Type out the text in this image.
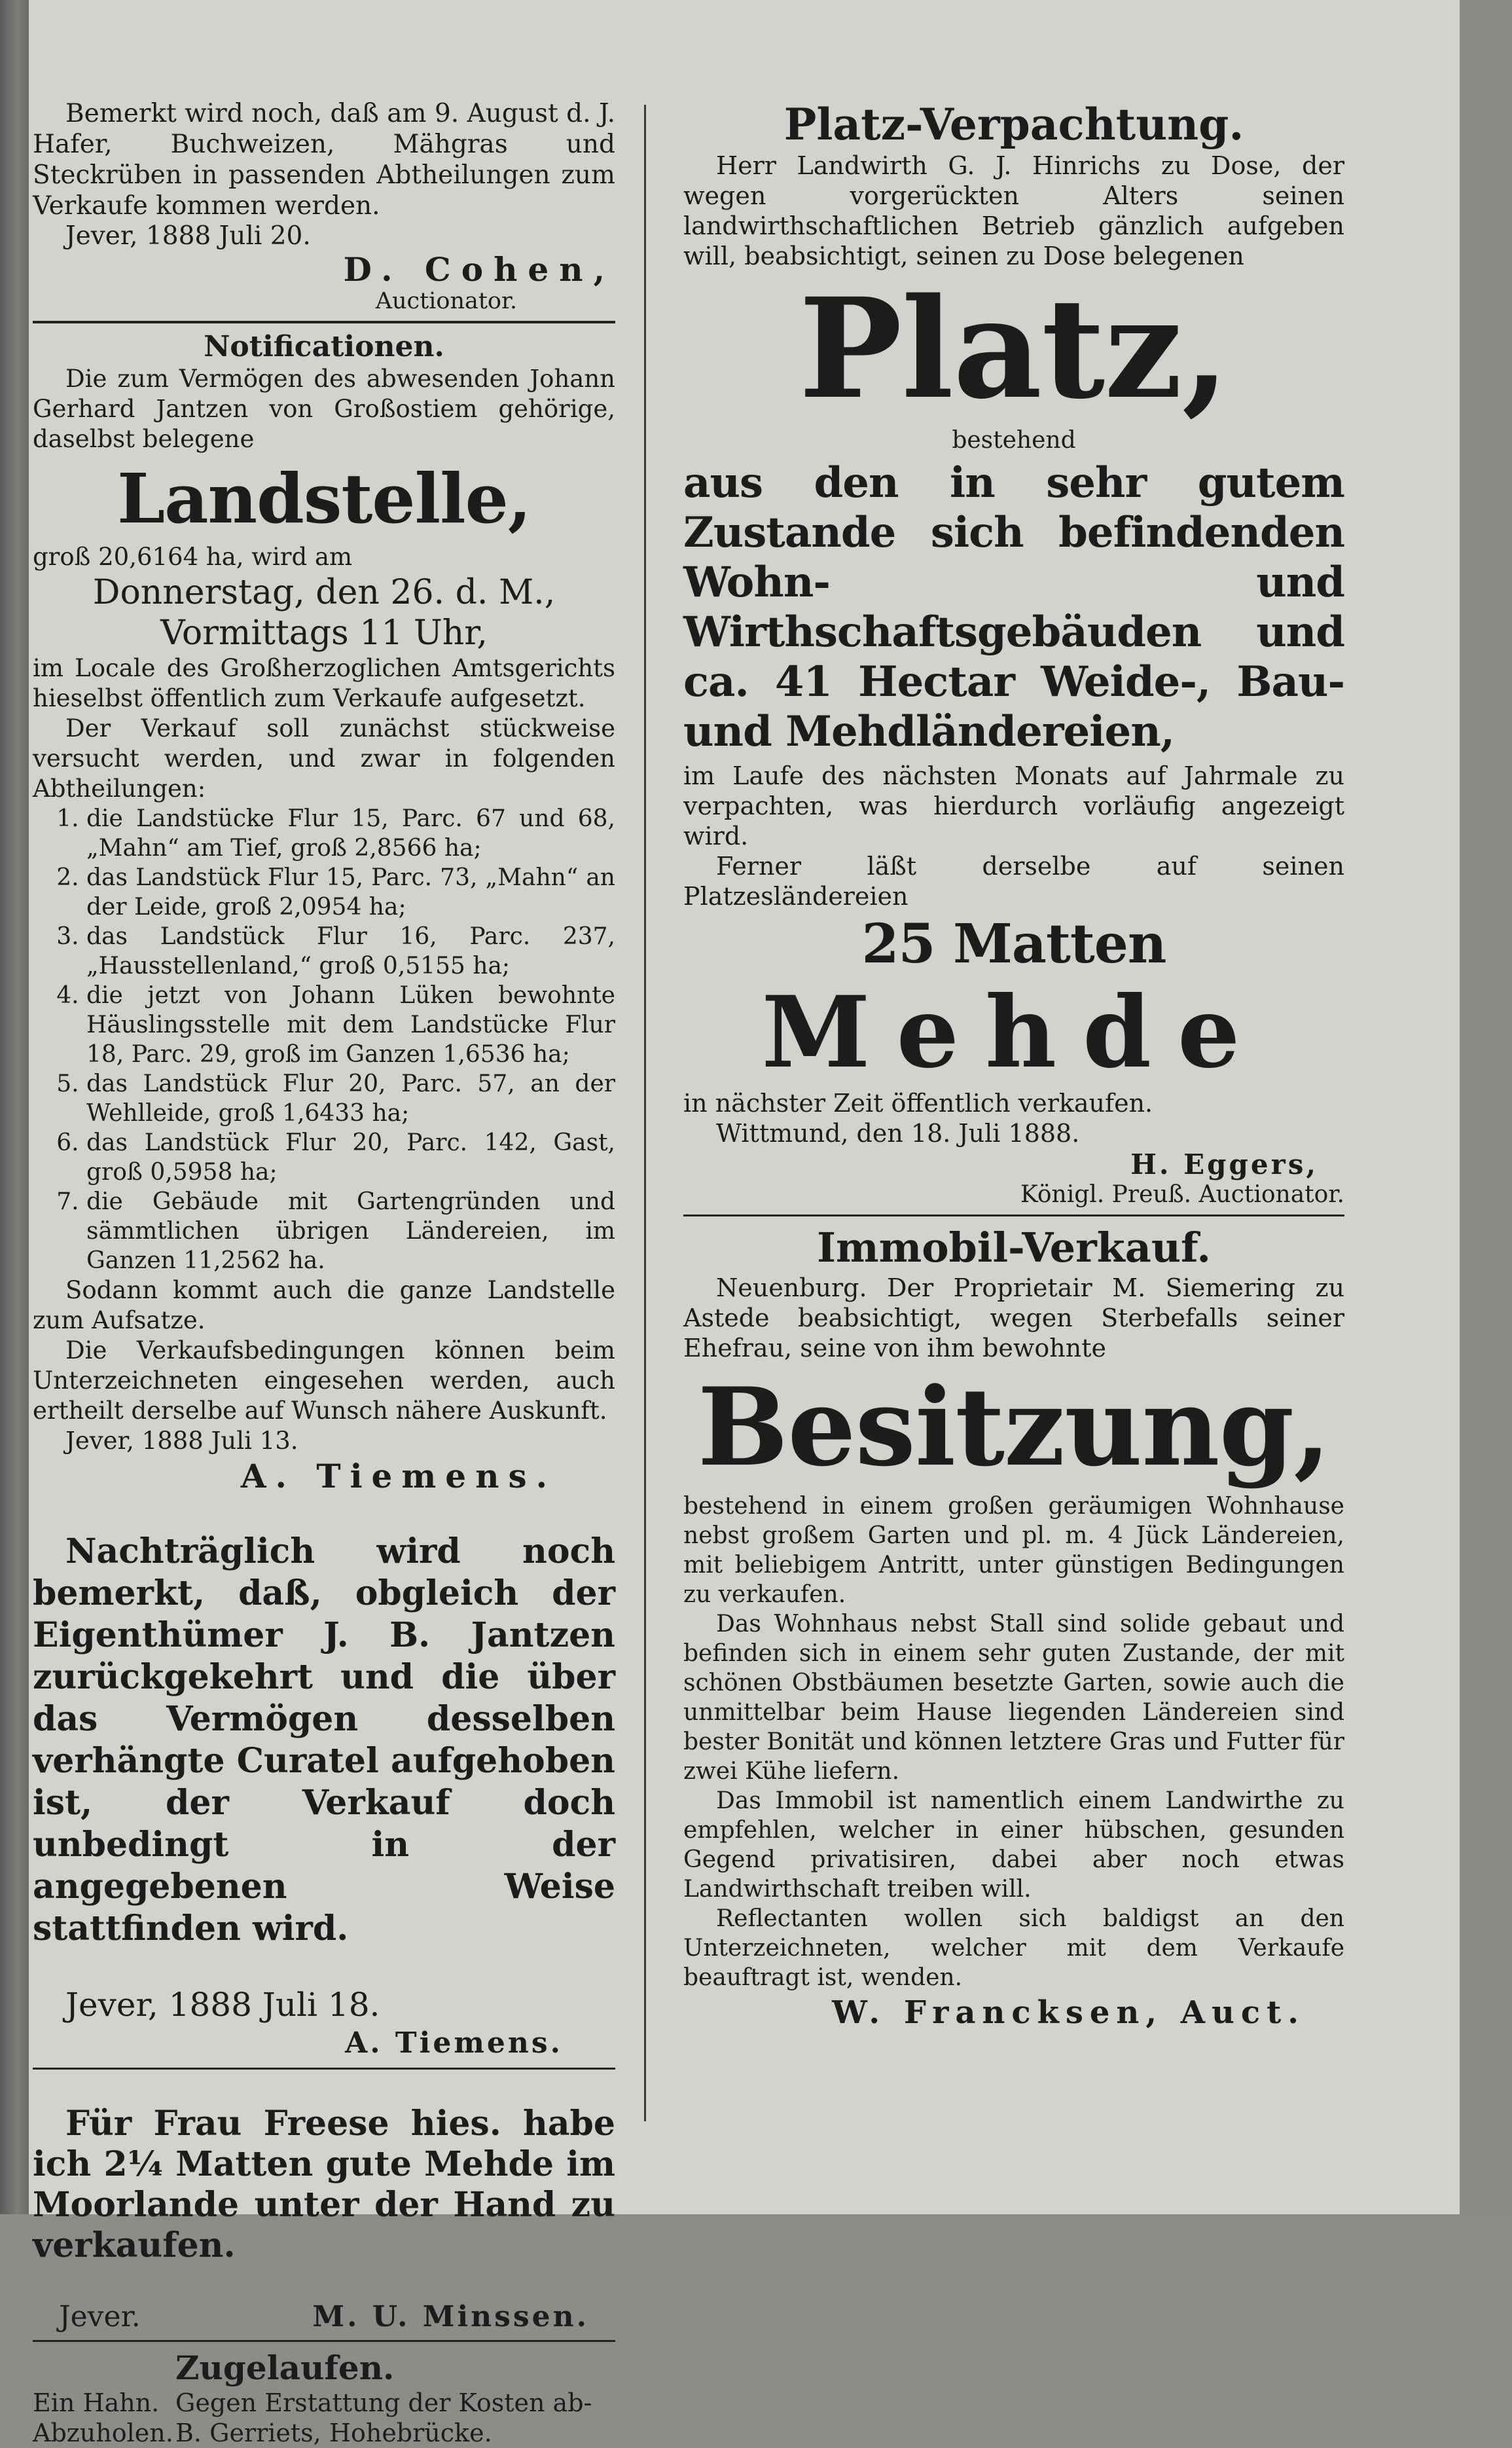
Bemerkt wird noch, daß am 9. August d. J. Hafer, Buchweizen, Mähgras und Steckrüben in passenden Abtheilungen zum Verkaufe kommen werden.

Jever, 1888 Juli 20.

D. Cohen,
Auctionator.
Notificationen.

Die zum Vermögen des abwesenden Johann Gerhard Jantzen von Großostiem gehörige, daselbst belegene

Landstelle,

groß 20,6164 ha, wird am

Donnerstag, den 26. d. M.,
Vormittags 11 Uhr,

im Locale des Großherzoglichen Amtsgerichts hieselbst öffentlich zum Verkaufe aufgesetzt.

Der Verkauf soll zunächst stückweise versucht werden, und zwar in folgenden Abtheilungen:

1. die Landstücke Flur 15, Parc. 67 und 68, „Mahn“ am Tief, groß 2,8566 ha;
2. das Landstück Flur 15, Parc. 73, „Mahn“ an der Leide, groß 2,0954 ha;
3. das Landstück Flur 16, Parc. 237, „Hausstellenland,“ groß 0,5155 ha;
4. die jetzt von Johann Lüken bewohnte Häuslingsstelle mit dem Landstücke Flur 18, Parc. 29, groß im Ganzen 1,6536 ha;
5. das Landstück Flur 20, Parc. 57, an der Wehlleide, groß 1,6433 ha;
6. das Landstück Flur 20, Parc. 142, Gast, groß 0,5958 ha;
7. die Gebäude mit Gartengründen und sämmtlichen übrigen Ländereien, im Ganzen 11,2562 ha.

Sodann kommt auch die ganze Landstelle zum Aufsatze.

Die Verkaufsbedingungen können beim Unterzeichneten eingesehen werden, auch ertheilt derselbe auf Wunsch nähere Auskunft.

Jever, 1888 Juli 13.

A. Tiemens.

Nachträglich wird noch bemerkt, daß, obgleich der Eigenthümer J. B. Jantzen zurückgekehrt und die über das Vermögen desselben verhängte Curatel aufgehoben ist, der Verkauf doch unbedingt in der angegebenen Weise stattfinden wird.

Jever, 1888 Juli 18.

A. Tiemens.

Für Frau Freese hies. habe ich 2¼ Matten gute Mehde im Moorlande unter der Hand zu verkaufen.

Jever.	M. U. Minssen.
Ein Hahn. Abzuholen.
Zugelaufen.

Gegen Erstattung der Kosten ab-

B. Gerriets, Hohebrücke.

Platz-Verpachtung.

Herr Landwirth G. J. Hinrichs zu Dose, der wegen vorgerückten Alters seinen landwirthschaftlichen Betrieb gänzlich aufgeben will, beabsichtigt, seinen zu Dose belegenen

Platz,
bestehend

aus den in sehr gutem Zustande sich befindenden Wohn- und Wirthschaftsgebäuden und ca. 41 Hectar Weide-, Bau- und Mehdländereien,

im Laufe des nächsten Monats auf Jahrmale zu verpachten, was hierdurch vorläufig angezeigt wird.

Ferner läßt derselbe auf seinen Platzesländereien

25 Matten
Mehde

in nächster Zeit öffentlich verkaufen.

Wittmund, den 18. Juli 1888.

H. Eggers,
Königl. Preuß. Auctionator.
Immobil-Verkauf.

Neuenburg. Der Proprietair M. Siemering zu Astede beabsichtigt, wegen Sterbefalls seiner Ehefrau, seine von ihm bewohnte

Besitzung,

bestehend in einem großen geräumigen Wohnhause nebst großem Garten und pl. m. 4 Jück Ländereien, mit beliebigem Antritt, unter günstigen Bedingungen zu verkaufen.

Das Wohnhaus nebst Stall sind solide gebaut und befinden sich in einem sehr guten Zustande, der mit schönen Obstbäumen besetzte Garten, sowie auch die unmittelbar beim Hause liegenden Ländereien sind bester Bonität und können letztere Gras und Futter für zwei Kühe liefern.

Das Immobil ist namentlich einem Landwirthe zu empfehlen, welcher in einer hübschen, gesunden Gegend privatisiren, dabei aber noch etwas Landwirthschaft treiben will.

Reflectanten wollen sich baldigst an den Unterzeichneten, welcher mit dem Verkaufe beauftragt ist, wenden.

W. Francksen, Auct.
